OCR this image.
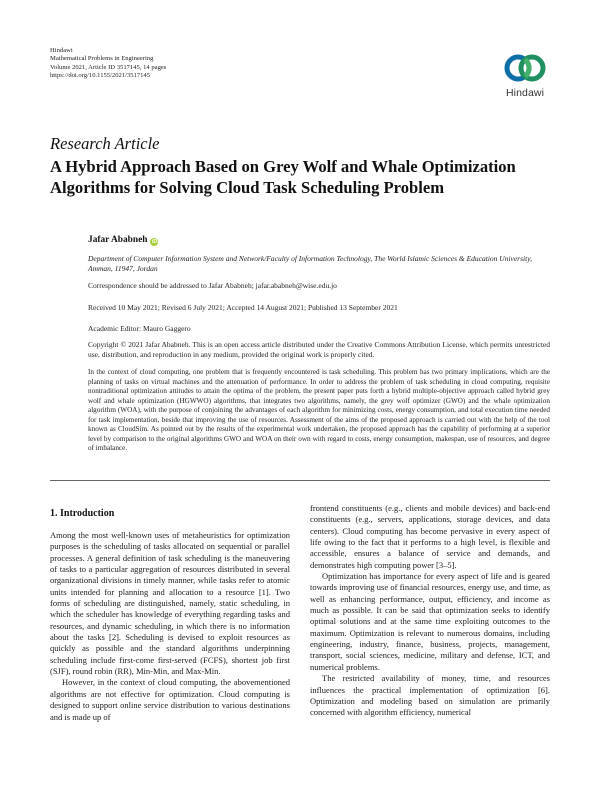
Hindawi
Mathematical Problems in Engineering
Volume 2021, Article ID 3517145, 14 pages
https://doi.org/10.1155/2021/3517145
Hindawi
Research Article
A Hybrid Approach Based on Grey Wolf and Whale Optimization Algorithms for Solving Cloud Task Scheduling Problem
Jafar Ababneh iD
Department of Computer Information System and Network/Faculty of Information Technology, The World Islamic Sciences & Education University, Amman, 11947, Jordan
Correspondence should be addressed to Jafar Ababneh; jafar.ababneh@wise.edu.jo
Received 10 May 2021; Revised 6 July 2021; Accepted 14 August 2021; Published 13 September 2021
Academic Editor: Mauro Gaggero
Copyright © 2021 Jafar Ababneh. This is an open access article distributed under the Creative Commons Attribution License, which permits unrestricted use, distribution, and reproduction in any medium, provided the original work is properly cited.
In the context of cloud computing, one problem that is frequently encountered is task scheduling. This problem has two primary implications, which are the planning of tasks on virtual machines and the attenuation of performance. In order to address the problem of task scheduling in cloud computing, requisite nontraditional optimization attitudes to attain the optima of the problem, the present paper puts forth a hybrid multiple-objective approach called hybrid grey wolf and whale optimization (HGWWO) algorithms, that integrates two algorithms, namely, the grey wolf optimizer (GWO) and the whale optimization algorithm (WOA), with the purpose of conjoining the advantages of each algorithm for minimizing costs, energy consumption, and total execution time needed for task implementation, beside that improving the use of resources. Assessment of the aims of the proposed approach is carried out with the help of the tool known as CloudSim. As pointed out by the results of the experimental work undertaken, the proposed approach has the capability of performing at a superior level by comparison to the original algorithms GWO and WOA on their own with regard to costs, energy consumption, makespan, use of resources, and degree of imbalance.
1. Introduction

Among the most well-known uses of metaheuristics for optimization purposes is the scheduling of tasks allocated on sequential or parallel processes. A general definition of task scheduling is the maneuvering of tasks to a particular aggregation of resources distributed in several organizational divisions in timely manner, while tasks refer to atomic units intended for planning and allocation to a resource [1]. Two forms of scheduling are distinguished, namely, static scheduling, in which the scheduler has knowledge of everything regarding tasks and resources, and dynamic scheduling, in which there is no information about the tasks [2]. Scheduling is devised to exploit resources as quickly as possible and the standard algorithms underpinning scheduling include first-come first-served (FCFS), shortest job first (SJF), round robin (RR), Min-Min, and Max-Min.

However, in the context of cloud computing, the abovementioned algorithms are not effective for optimization. Cloud computing is designed to support online service distribution to various destinations and is made up of

frontend constituents (e.g., clients and mobile devices) and back-end constituents (e.g., servers, applications, storage devices, and data centers). Cloud computing has become pervasive in every aspect of life owing to the fact that it performs to a high level, is flexible and accessible, ensures a balance of service and demands, and demonstrates high computing power [3–5].

Optimization has importance for every aspect of life and is geared towards improving use of financial resources, energy use, and time, as well as enhancing performance, output, efficiency, and income as much as possible. It can be said that optimization seeks to identify optimal solutions and at the same time exploiting outcomes to the maximum. Optimization is relevant to numerous domains, including engineering, industry, finance, business, projects, management, transport, social sciences, medicine, military and defense, ICT, and numerical problems.

The restricted availability of money, time, and resources influences the practical implementation of optimization [6]. Optimization and modeling based on simulation are primarily concerned with algorithm efficiency, numerical
